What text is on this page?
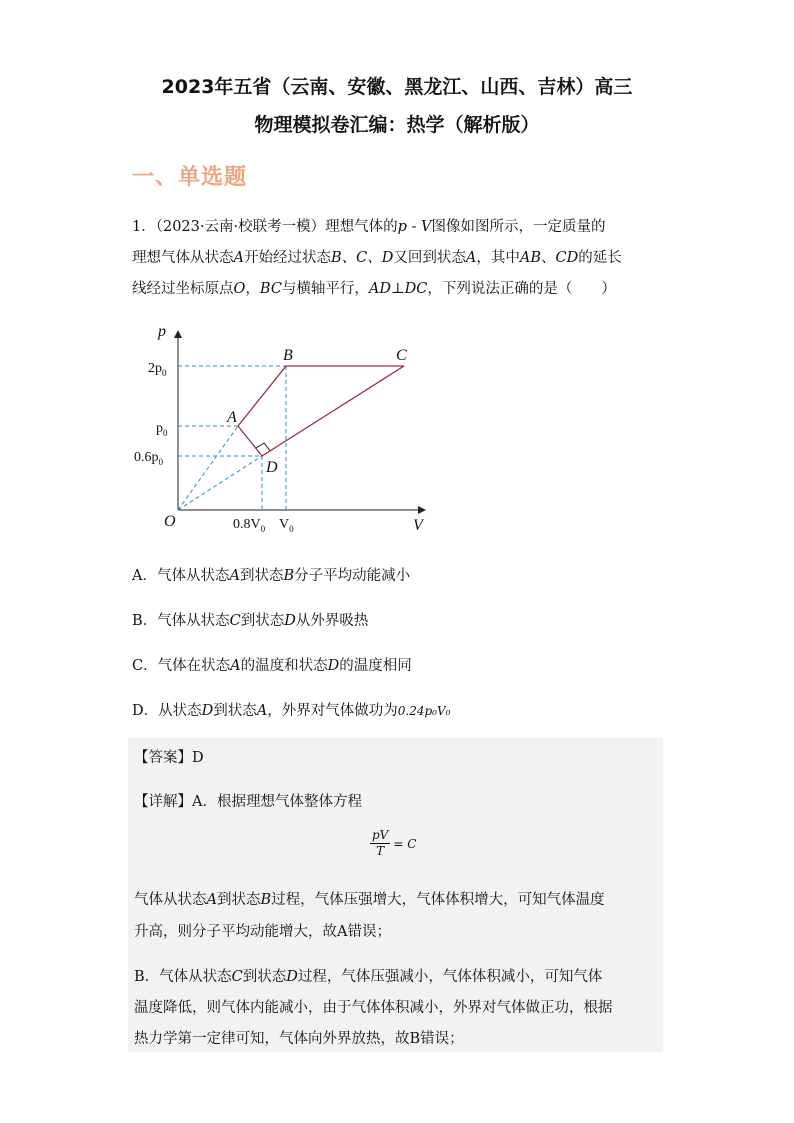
2023年五省（云南、安徽、黑龙江、山西、吉林）高三
物理模拟卷汇编：热学（解析版）
一、单选题
1．（2023·云南·校联考一模）理想气体的p - V图像如图所示，一定质量的
理想气体从状态A开始经过状态B、C、D又回到状态A，其中AB、CD的延长
线经过坐标原点O，BC与横轴平行，AD⊥DC，下列说法正确的是（　　）
p
V
O
A
B	C
D
$2p_0$
$p_0$
$0.6p_0$
$0.8V_0$ $V_0$
A．气体从状态A到状态B分子平均动能减小
B．气体从状态C到状态D从外界吸热
C．气体在状态A的温度和状态D的温度相同
D．从状态D到状态A，外界对气体做功为0.24p₀V₀
【答案】D
【详解】A．根据理想气体整体方程
$\frac{pV}{T} = C$
气体从状态A到状态B过程，气体压强增大，气体体积增大，可知气体温度
升高，则分子平均动能增大，故A错误；
B．气体从状态C到状态D过程，气体压强减小，气体体积减小，可知气体
温度降低，则气体内能减小，由于气体体积减小，外界对气体做正功，根据
热力学第一定律可知，气体向外界放热，故B错误；
